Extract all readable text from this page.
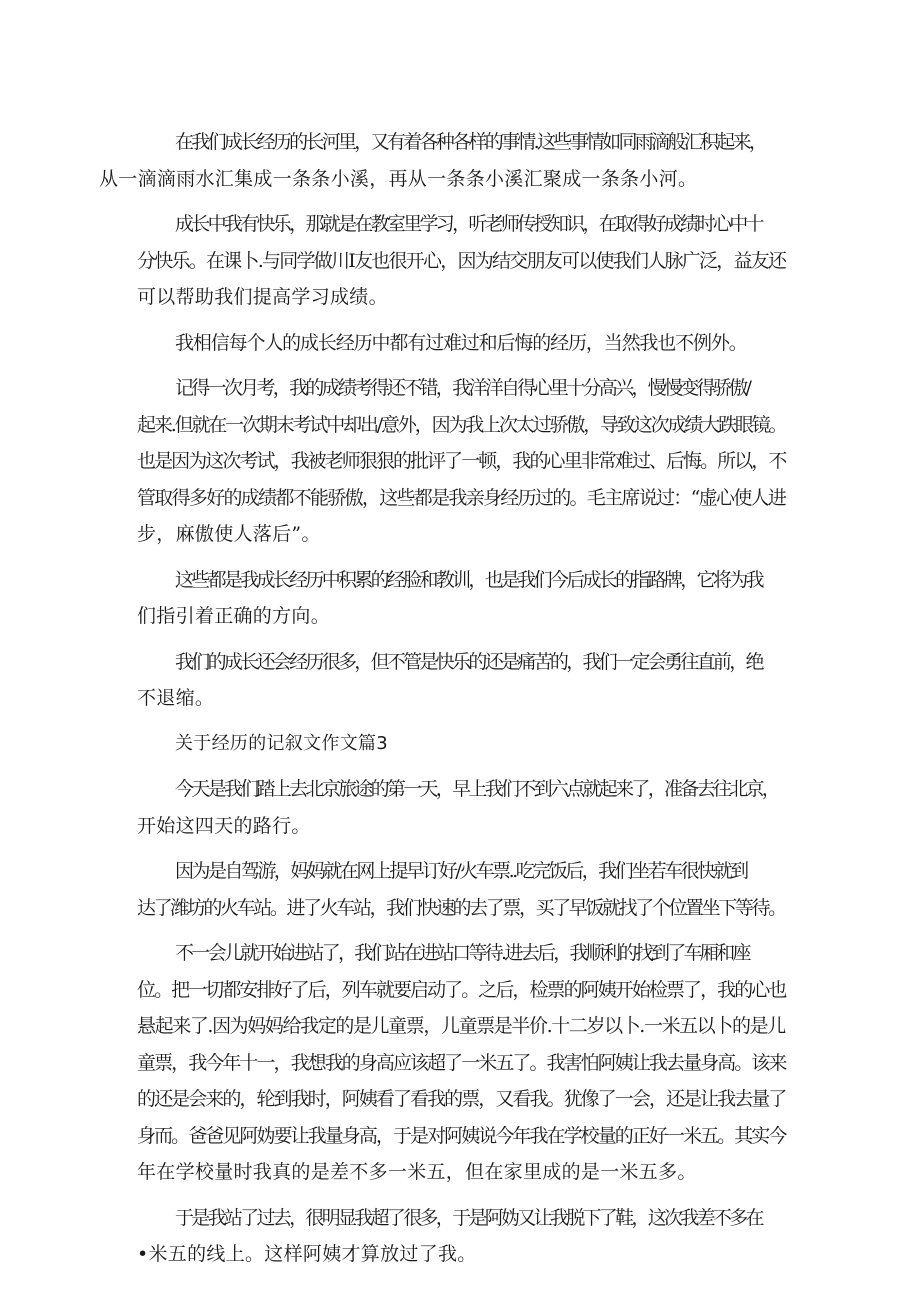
在我们成长经历的长河里，又有着各种各样的事情.这些事情如同雨滴般汇积起来，
从一滴滴雨水汇集成一条条小溪，再从一条条小溪汇聚成一条条小河。

成长中我有快乐，那就是在教室里学习，听老师传授知识，在取得好成绩时心中十
分快乐。在课卜.与同学做川Ⅰ友也很开心，因为结交朋友可以使我们人脉广泛，益友还
可以帮助我们提高学习成绩。

我相信每个人的成长经历中都有过难过和后悔的经历，当然我也不例外。

记得一次月考，我的成绩考得还不错，我洋洋自得心里十分高兴，慢慢变得骄傲/
起来.但就在一次期末考试中却出/意外，因为我上次太过骄傲，导致这次成绩大跌眼镜。
也是因为这次考试，我被老师狠狠的批评了一顿，我的心里非常难过、后悔。所以，不
管取得多好的成绩都不能骄傲，这些都是我亲身经历过的。毛主席说过：“虚心使人进
步，麻傲使人落后”。

这些都是我成长经历中积累的经脸和教训，也是我们今后成长的指路牌，它将为我
们指引着正确的方向。

我们的成长还会经历很多，但不管是快乐的还是痛苦的，我们一定会勇往直前，绝
不退缩。

关于经历的记叙文作文篇3

今天是我们踏上去北京旅途的第一天，早上我们不到六点就起来了，准备去往北京，
开始这四天的路行。

因为是自驾游，妈妈就在网上提早订好/火车票..吃完饭后，我们坐若车很快就到
达了潍坊的火车站。进了火车站，我们快速的去了票，买了早饭就找了个位置坐下等待。

不一会儿就开始进站了，我们站在进站口等待.进去后，我顺利的找到了车厢和座
位。把一切都安排好了后，列车就要启动了。之后，检票的阿姨开始检票了，我的心也
悬起来了.因为妈妈给我定的是儿童票，儿童票是半价.十二岁以卜.一米五以卜的是儿
童票，我今年十一，我想我的身高应该超了一米五了。我害怕阿姨让我去量身高。该来
的还是会来的，轮到我时，阿姨看了看我的票，又看我。犹像了一会，还是让我去量了
身而。爸爸见阿妫要让我量身高，于是对阿姨说今年我在学校量的正好一米五。其实今
年在学校量时我真的是差不多一米五，但在家里成的是一米五多。

于是我站了过去，很明显我超了很多，于是阿妫又让我脱下了鞋，这次我差不多在
•米五的线上。这样阿姨才算放过了我。
